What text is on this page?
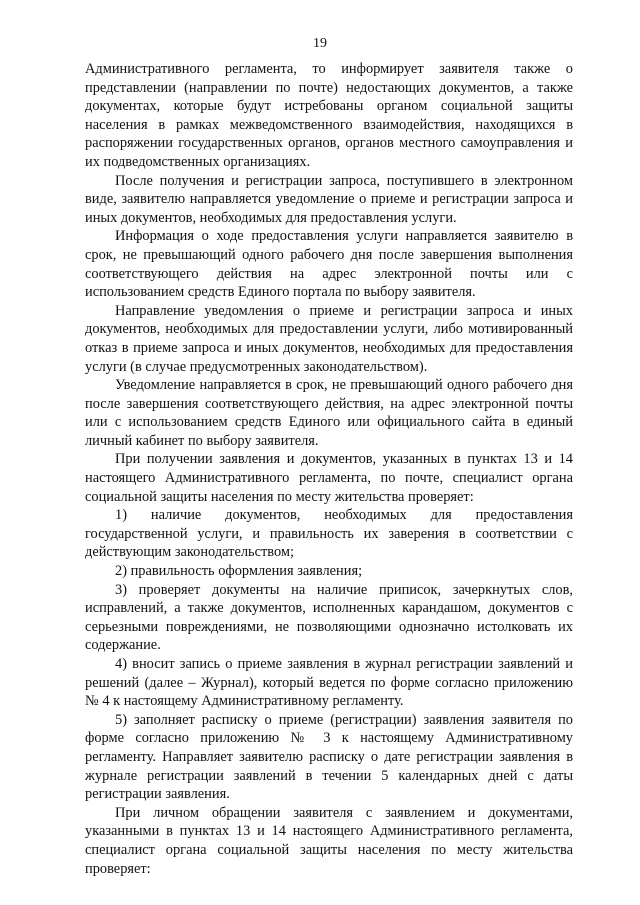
19

Административного регламента, то информирует заявителя также о представлении (направлении по почте) недостающих документов, а также документах, которые будут истребованы органом социальной защиты населения в рамках межведомственного взаимодействия, находящихся в распоряжении государственных органов, органов местного самоуправления и их подведомственных организациях.

После получения и регистрации запроса, поступившего в электронном виде, заявителю направляется уведомление о приеме и регистрации запроса и иных документов, необходимых для предоставления услуги.

Информация о ходе предоставления услуги направляется заявителю в срок, не превышающий одного рабочего дня после завершения выполнения соответствующего действия на адрес электронной почты или с использованием средств Единого портала по выбору заявителя.

Направление уведомления о приеме и регистрации запроса и иных документов, необходимых для предоставлении услуги, либо мотивированный отказ в приеме запроса и иных документов, необходимых для предоставления услуги (в случае предусмотренных законодательством).

Уведомление направляется в срок, не превышающий одного рабочего дня после завершения соответствующего действия, на адрес электронной почты или с использованием средств Единого или официального сайта в единый личный кабинет по выбору заявителя.

При получении заявления и документов, указанных в пунктах 13 и 14 настоящего Административного регламента, по почте, специалист органа социальной защиты населения по месту жительства проверяет:

1) наличие документов, необходимых для предоставления государственной услуги, и правильность их заверения в соответствии с действующим законодательством;

2) правильность оформления заявления;

3) проверяет документы на наличие приписок, зачеркнутых слов, исправлений, а также документов, исполненных карандашом, документов с серьезными повреждениями, не позволяющими однозначно истолковать их содержание.

4) вносит запись о приеме заявления в журнал регистрации заявлений и решений (далее – Журнал), который ведется по форме согласно приложению № 4 к настоящему Административному регламенту.

5) заполняет расписку о приеме (регистрации) заявления заявителя по форме согласно приложению № 3 к настоящему Административному регламенту. Направляет заявителю расписку о дате регистрации заявления в журнале регистрации заявлений в течении 5 календарных дней с даты регистрации заявления.

При личном обращении заявителя с заявлением и документами, указанными в пунктах 13 и 14 настоящего Административного регламента, специалист органа социальной защиты населения по месту жительства проверяет:
